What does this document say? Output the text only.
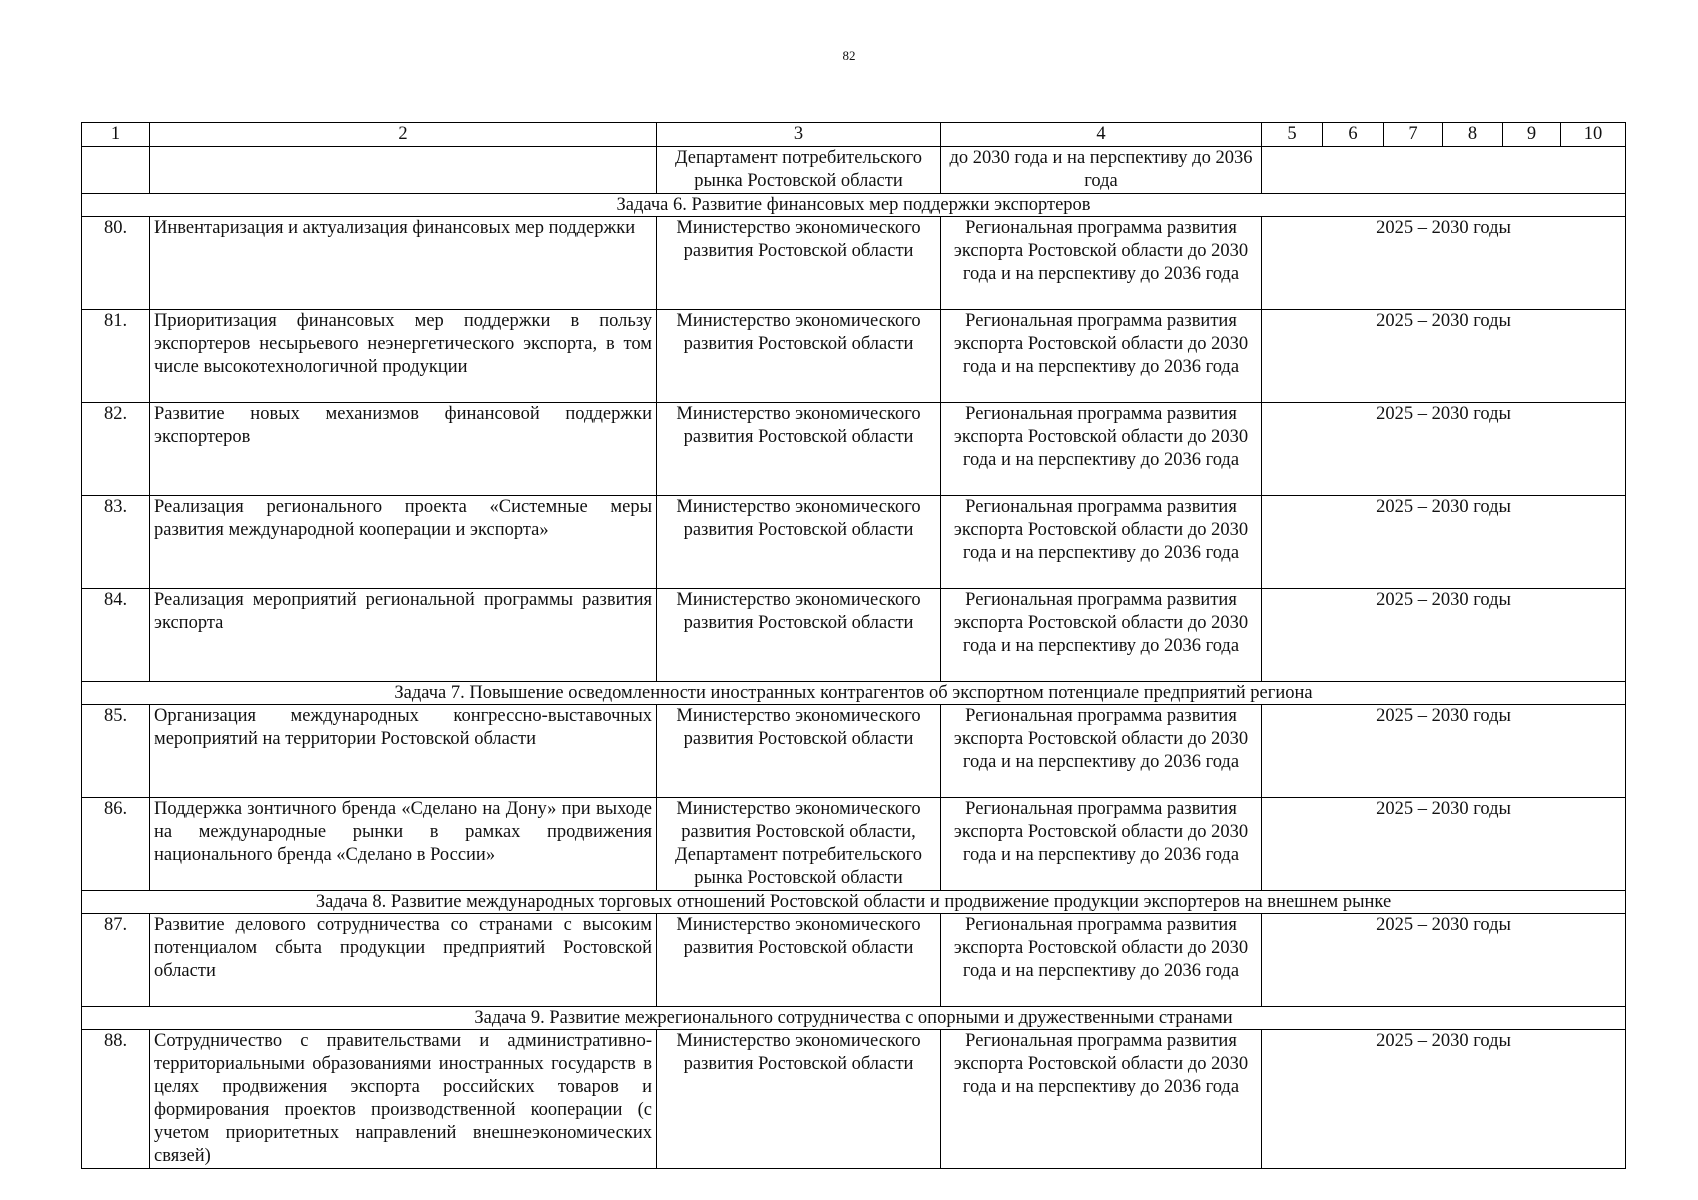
82
1	2	3	4	5	6	7	8	9	10
		Департамент потребительского рынка Ростовской области	до 2030 года и на перспективу до 2036 года						
Задача 6. Развитие финансовых мер поддержки экспортеров									
80.	Инвентаризация и актуализация финансовых мер поддержки	Министерство экономического развития Ростовской области	Региональная программа развития экспорта Ростовской области до 2030 года и на перспективу до 2036 года	2025 – 2030 годы					
81.	Приоритизация финансовых мер поддержки в пользу экспортеров несырьевого неэнергетического экспорта, в том числе высокотехнологичной продукции	Министерство экономического развития Ростовской области	Региональная программа развития экспорта Ростовской области до 2030 года и на перспективу до 2036 года	2025 – 2030 годы					
82.	Развитие новых механизмов финансовой поддержки экспортеров	Министерство экономического развития Ростовской области	Региональная программа развития экспорта Ростовской области до 2030 года и на перспективу до 2036 года	2025 – 2030 годы					
83.	Реализация регионального проекта «Системные меры развития международной кооперации и экспорта»	Министерство экономического развития Ростовской области	Региональная программа развития экспорта Ростовской области до 2030 года и на перспективу до 2036 года	2025 – 2030 годы					
84.	Реализация мероприятий региональной программы развития экспорта	Министерство экономического развития Ростовской области	Региональная программа развития экспорта Ростовской области до 2030 года и на перспективу до 2036 года	2025 – 2030 годы					
Задача 7. Повышение осведомленности иностранных контрагентов об экспортном потенциале предприятий региона									
85.	Организация международных конгрессно-выставочных мероприятий на территории Ростовской области	Министерство экономического развития Ростовской области	Региональная программа развития экспорта Ростовской области до 2030 года и на перспективу до 2036 года	2025 – 2030 годы					
86.	Поддержка зонтичного бренда «Сделано на Дону» при выходе на международные рынки в рамках продвижения национального бренда «Сделано в России»	Министерство экономического развития Ростовской области, Департамент потребительского рынка Ростовской области	Региональная программа развития экспорта Ростовской области до 2030 года и на перспективу до 2036 года	2025 – 2030 годы					
Задача 8. Развитие международных торговых отношений Ростовской области и продвижение продукции экспортеров на внешнем рынке									
87.	Развитие делового сотрудничества со странами с высоким потенциалом сбыта продукции предприятий Ростовской области	Министерство экономического развития Ростовской области	Региональная программа развития экспорта Ростовской области до 2030 года и на перспективу до 2036 года	2025 – 2030 годы					
Задача 9. Развитие межрегионального сотрудничества с опорными и дружественными странами									
88.	Сотрудничество с правительствами и административно-территориальными образованиями иностранных государств в целях продвижения экспорта российских товаров и формирования проектов производственной кооперации (с учетом приоритетных направлений внешнеэкономических связей)	Министерство экономического развития Ростовской области	Региональная программа развития экспорта Ростовской области до 2030 года и на перспективу до 2036 года	2025 – 2030 годы					
